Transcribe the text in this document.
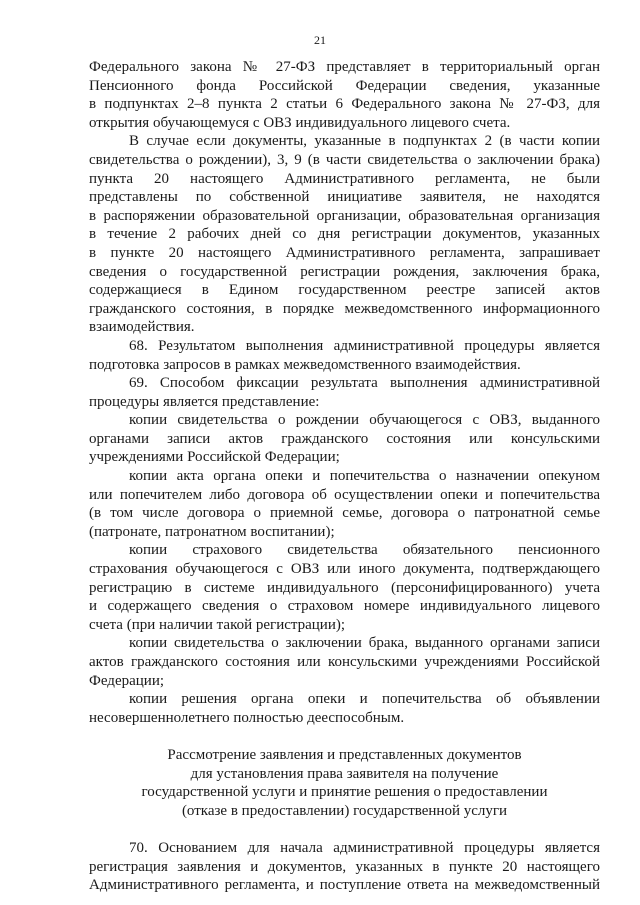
21
Федерального закона № 27-ФЗ представляет в территориальный орган
Пенсионного фонда Российской Федерации сведения, указанные
в подпунктах 2–8 пункта 2 статьи 6 Федерального закона № 27-ФЗ, для
открытия обучающемуся с ОВЗ индивидуального лицевого счета.
В случае если документы, указанные в подпунктах 2 (в части копии
свидетельства о рождении), 3, 9 (в части свидетельства о заключении брака)
пункта 20 настоящего Административного регламента, не были
представлены по собственной инициативе заявителя, не находятся
в распоряжении образовательной организации, образовательная организация
в течение 2 рабочих дней со дня регистрации документов, указанных
в пункте 20 настоящего Административного регламента, запрашивает
сведения о государственной регистрации рождения, заключения брака,
содержащиеся в Едином государственном реестре записей актов
гражданского состояния, в порядке межведомственного информационного
взаимодействия.
68. Результатом выполнения административной процедуры является
подготовка запросов в рамках межведомственного взаимодействия.
69. Способом фиксации результата выполнения административной
процедуры является представление:
копии свидетельства о рождении обучающегося с ОВЗ, выданного
органами записи актов гражданского состояния или консульскими
учреждениями Российской Федерации;
копии акта органа опеки и попечительства о назначении опекуном
или попечителем либо договора об осуществлении опеки и попечительства
(в том числе договора о приемной семье, договора о патронатной семье
(патронате, патронатном воспитании);
копии страхового свидетельства обязательного пенсионного
страхования обучающегося с ОВЗ или иного документа, подтверждающего
регистрацию в системе индивидуального (персонифицированного) учета
и содержащего сведения о страховом номере индивидуального лицевого
счета (при наличии такой регистрации);
копии свидетельства о заключении брака, выданного органами записи
актов гражданского состояния или консульскими учреждениями Российской
Федерации;
копии решения органа опеки и попечительства об объявлении
несовершеннолетнего полностью дееспособным.
Рассмотрение заявления и представленных документов
для установления права заявителя на получение
государственной услуги и принятие решения о предоставлении
(отказе в предоставлении) государственной услуги
70. Основанием для начала административной процедуры является
регистрация заявления и документов, указанных в пункте 20 настоящего
Административного регламента, и поступление ответа на межведомственный
